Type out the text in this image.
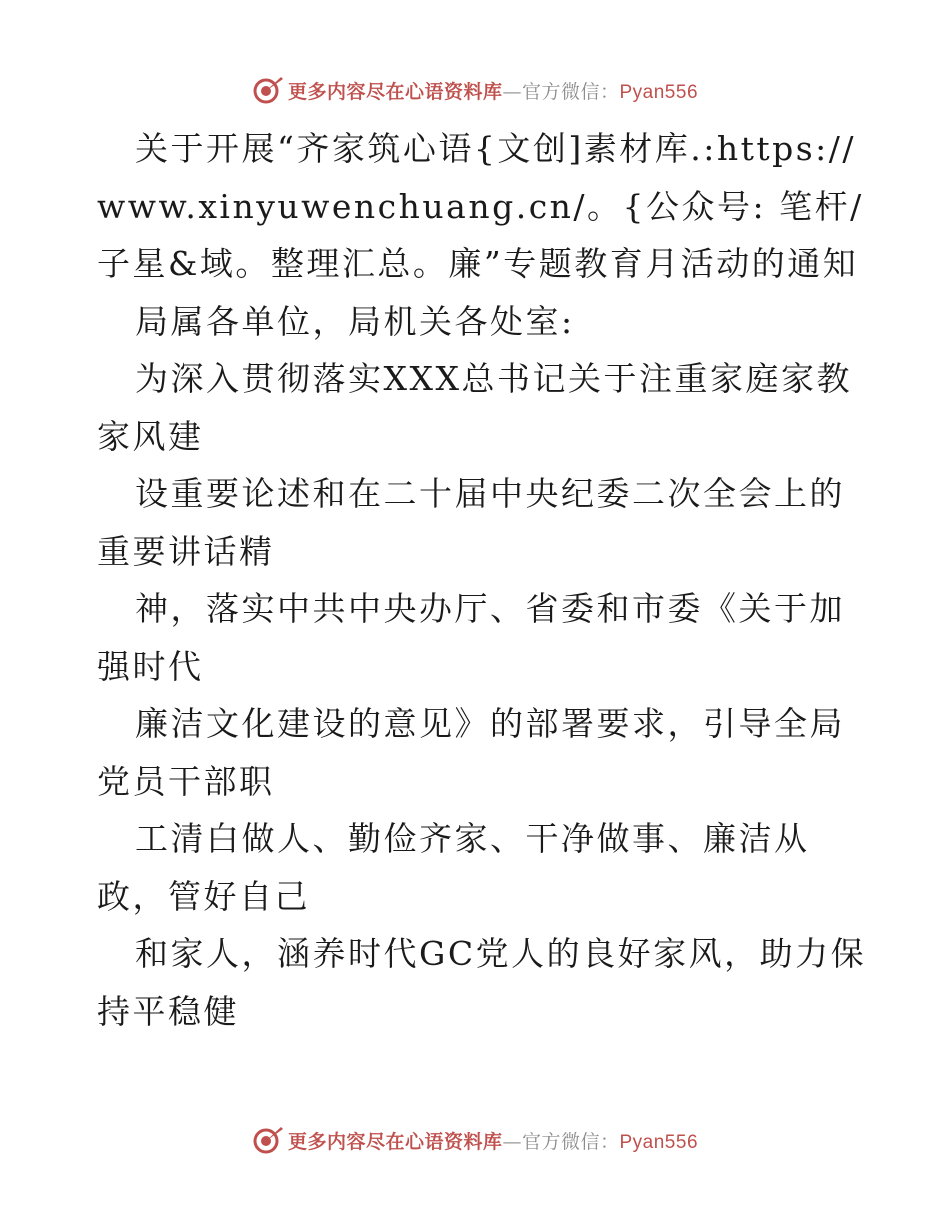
更多内容尽在心语资料库—官方微信：Pyan556

关于开展“齐家筑心语{文创]素材库.:https://www.xinyuwenchuang.cn/。{公众号: 笔杆/子星&域。整理汇总。廉”专题教育月活动的通知

局属各单位，局机关各处室:

为深入贯彻落实XXX总书记关于注重家庭家教家风建

设重要论述和在二十届中央纪委二次全会上的重要讲话精

神，落实中共中央办厅、省委和市委《关于加强时代

廉洁文化建设的意见》的部署要求，引导全局党员干部职

工清白做人、勤俭齐家、干净做事、廉洁从政，管好自己

和家人，涵养时代GC党人的良好家风，助力保持平稳健

更多内容尽在心语资料库—官方微信：Pyan556
